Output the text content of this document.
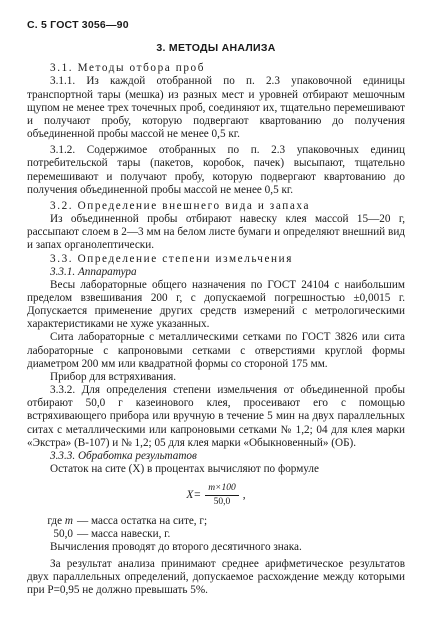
С. 5 ГОСТ 3056—90
3. МЕТОДЫ АНАЛИЗА

3.1. Методы отбора проб

3.1.1. Из каждой отобранной по п. 2.3 упаковочной единицы транспортной тары (мешка) из разных мест и уровней отбирают мешочным щупом не менее трех точечных проб, соединяют их, тщательно перемешивают и получают пробу, которую подвергают квартованию до получения объединенной пробы массой не менее 0,5 кг.

3.1.2. Содержимое отобранных по п. 2.3 упаковочных единиц потребительской тары (пакетов, коробок, пачек) высыпают, тщательно перемешивают и получают пробу, которую подвергают квартованию до получения объединенной пробы массой не менее 0,5 кг.

3.2. Определение внешнего вида и запаха

Из объединенной пробы отбирают навеску клея массой 15—20 г, рассыпают слоем в 2—3 мм на белом листе бумаги и определяют внешний вид и запах органолептически.

3.3. Определение степени измельчения

3.3.1. Аппаратура

Весы лабораторные общего назначения по ГОСТ 24104 с наибольшим пределом взвешивания 200 г, с допускаемой погрешностью ±0,0015 г. Допускается применение других средств измерений с метрологическими характеристиками не хуже указанных.

Сита лабораторные с металлическими сетками по ГОСТ 3826 или сита лабораторные с капроновыми сетками с отверстиями круглой формы диаметром 200 мм или квадратной формы со стороной 175 мм.

Прибор для встряхивания.

3.3.2. Для определения степени измельчения от объединенной пробы отбирают 50,0 г казеинового клея, просеивают его с помощью встряхивающего прибора или вручную в течение 5 мин на двух параллельных ситах с металлическими или капроновыми сетками № 1,2; 04 для клея марки «Экстра» (В-107) и № 1,2; 05 для клея марки «Обыкновенный» (ОБ).

3.3.3. Обработка результатов

Остаток на сите (X) в процентах вычисляют по формуле

$X= \frac{m\times 100}{50,0}$ ,
где m — масса остатка на сите, г;
50,0 — масса навески, г.

Вычисления проводят до второго десятичного знака.

За результат анализа принимают среднее арифметическое результатов двух параллельных определений, допускаемое расхождение между которыми при P=0,95 не должно превышать 5%.
